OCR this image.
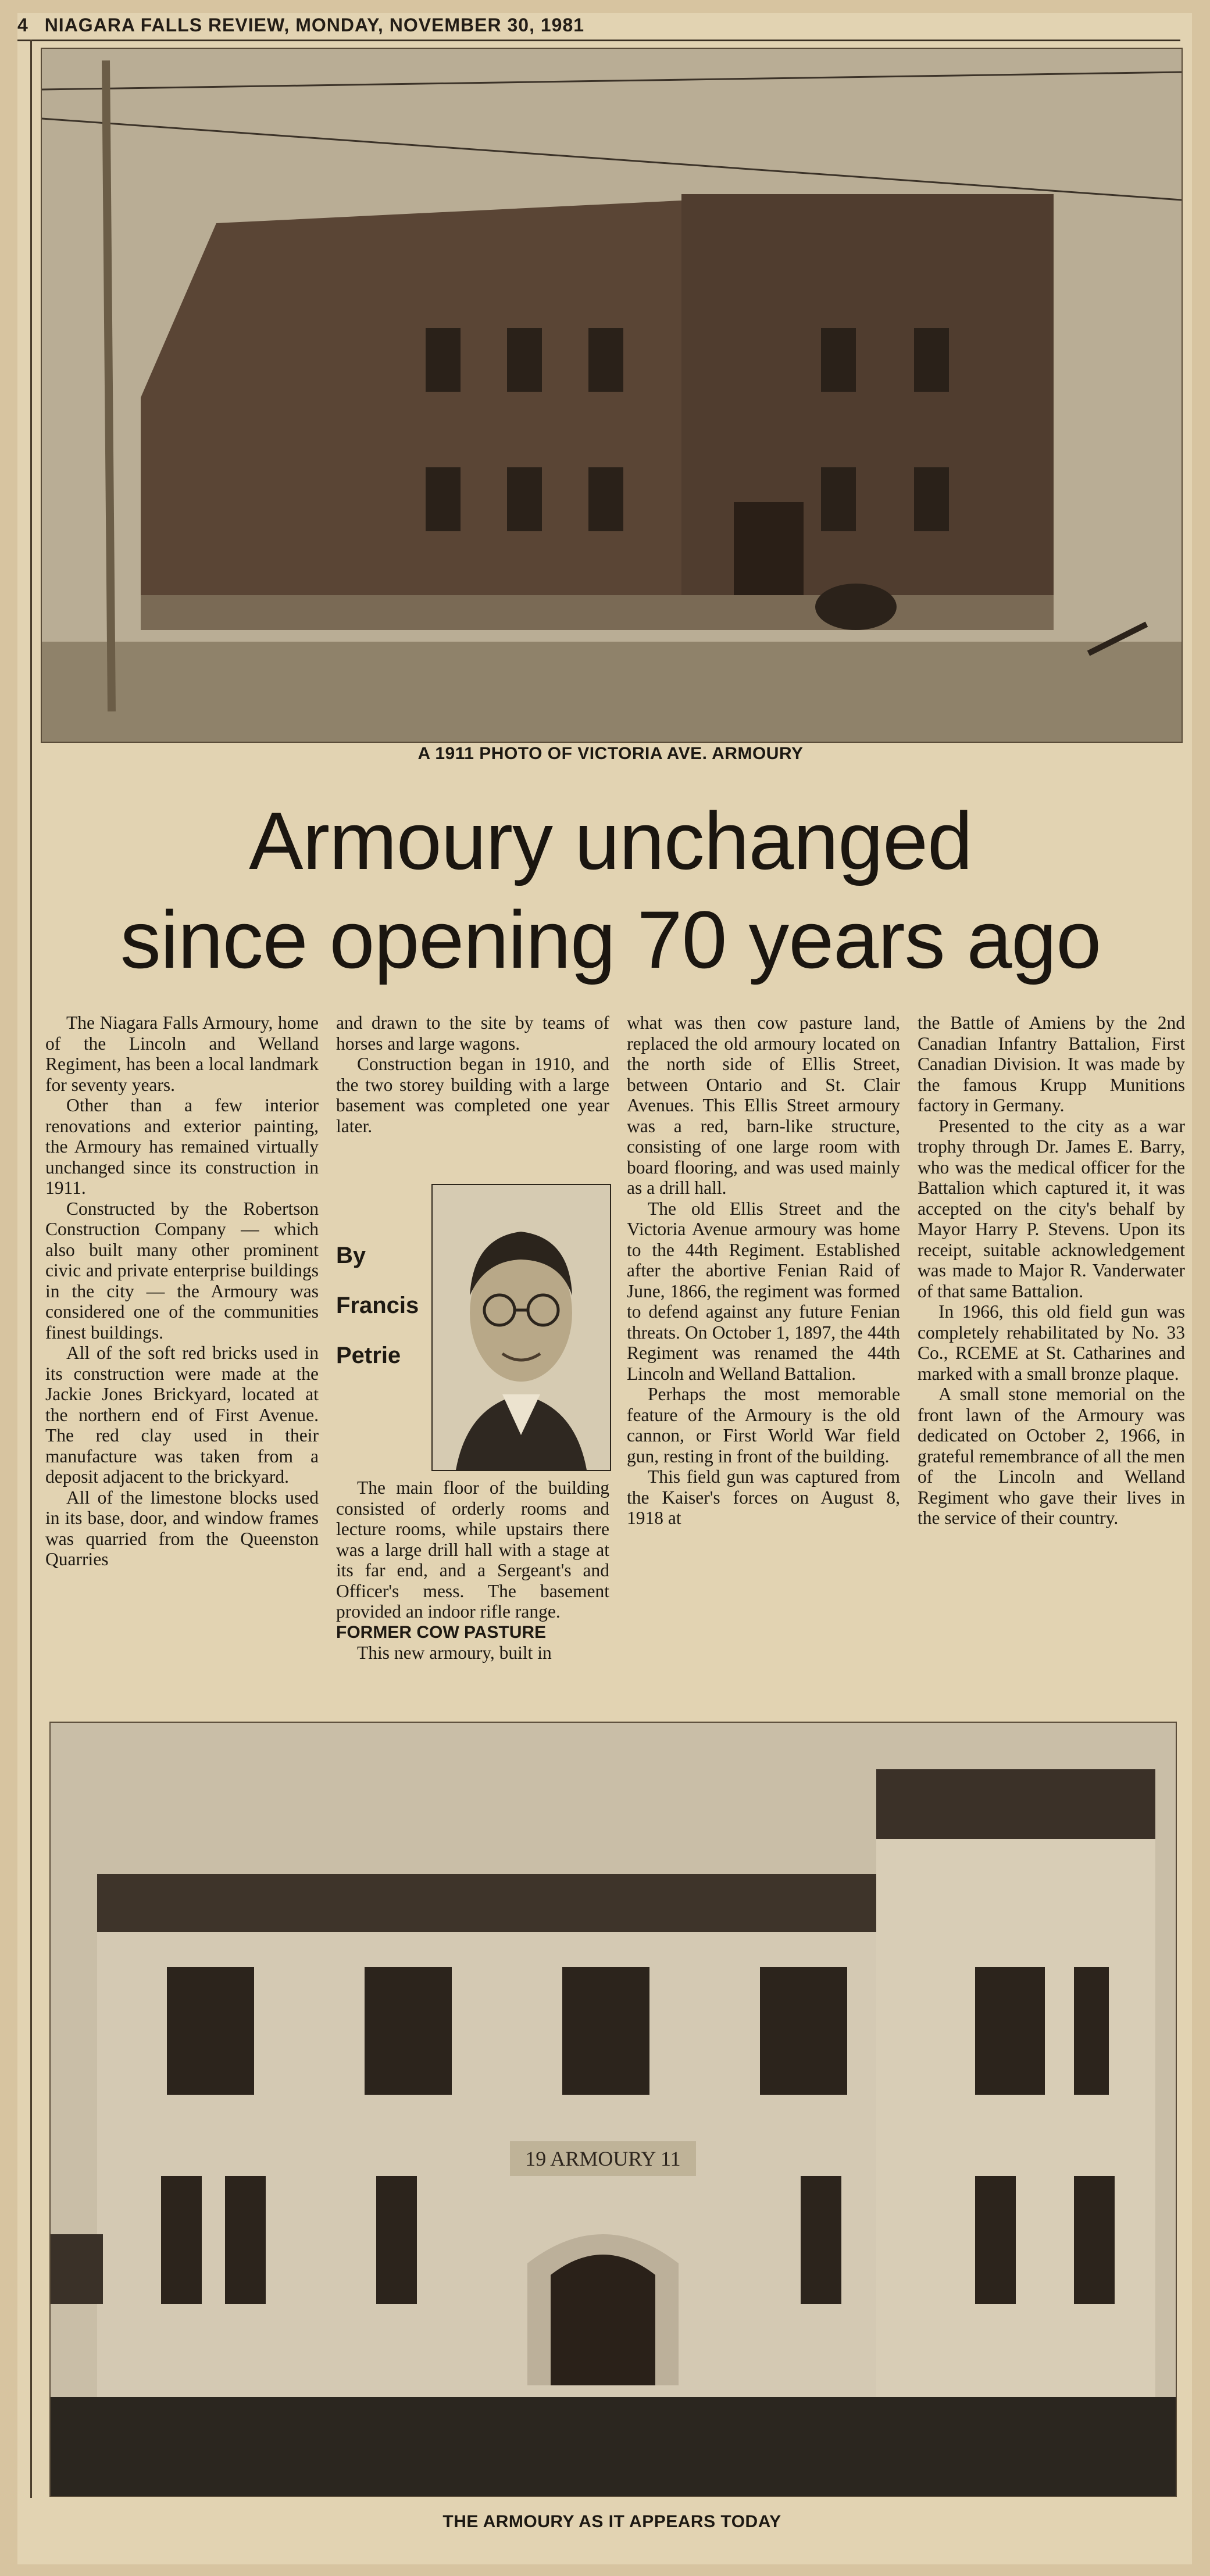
4 NIAGARA FALLS REVIEW, MONDAY, NOVEMBER 30, 1981
A 1911 PHOTO OF VICTORIA AVE. ARMOURY
Armoury unchanged
since opening 70 years ago

The Niagara Falls Armoury, home of the Lincoln and Welland Regiment, has been a local landmark for seventy years.

Other than a few interior renovations and exterior painting, the Armoury has remained virtually unchanged since its construction in 1911.

Constructed by the Robertson Construction Company — which also built many other prominent civic and private enterprise buildings in the city — the Armoury was considered one of the communities finest buildings.

All of the soft red bricks used in its construction were made at the Jackie Jones Brickyard, located at the northern end of First Avenue. The red clay used in their manufacture was taken from a deposit adjacent to the brickyard.

All of the limestone blocks used in its base, door, and window frames was quarried from the Queenston Quarries

and drawn to the site by teams of horses and large wagons.

Construction began in 1910, and the two storey building with a large basement was completed one year later.

By
Francis
Petrie

The main floor of the building consisted of orderly rooms and lecture rooms, while upstairs there was a large drill hall with a stage at its far end, and a Sergeant's and Officer's mess. The basement provided an indoor rifle range.

FORMER COW PASTURE

This new armoury, built in

what was then cow pasture land, replaced the old armoury located on the north side of Ellis Street, between Ontario and St. Clair Avenues. This Ellis Street armoury was a red, barn-like structure, consisting of one large room with board flooring, and was used mainly as a drill hall.

The old Ellis Street and the Victoria Avenue armoury was home to the 44th Regiment. Established after the abortive Fenian Raid of June, 1866, the regiment was formed to defend against any future Fenian threats. On October 1, 1897, the 44th Regiment was renamed the 44th Lincoln and Welland Battalion.

Perhaps the most memorable feature of the Armoury is the old cannon, or First World War field gun, resting in front of the building.

This field gun was captured from the Kaiser's forces on August 8, 1918 at

the Battle of Amiens by the 2nd Canadian Infantry Battalion, First Canadian Division. It was made by the famous Krupp Munitions factory in Germany.

Presented to the city as a war trophy through Dr. James E. Barry, who was the medical officer for the Battalion which captured it, it was accepted on the city's behalf by Mayor Harry P. Stevens. Upon its receipt, suitable acknowledgement was made to Major R. Vanderwater of that same Battalion.

In 1966, this old field gun was completely rehabilitated by No. 33 Co., RCEME at St. Catharines and marked with a small bronze plaque.

A small stone memorial on the front lawn of the Armoury was dedicated on October 2, 1966, in grateful remembrance of all the men of the Lincoln and Welland Regiment who gave their lives in the service of their country.

19 ARMOURY 11
THE ARMOURY AS IT APPEARS TODAY
